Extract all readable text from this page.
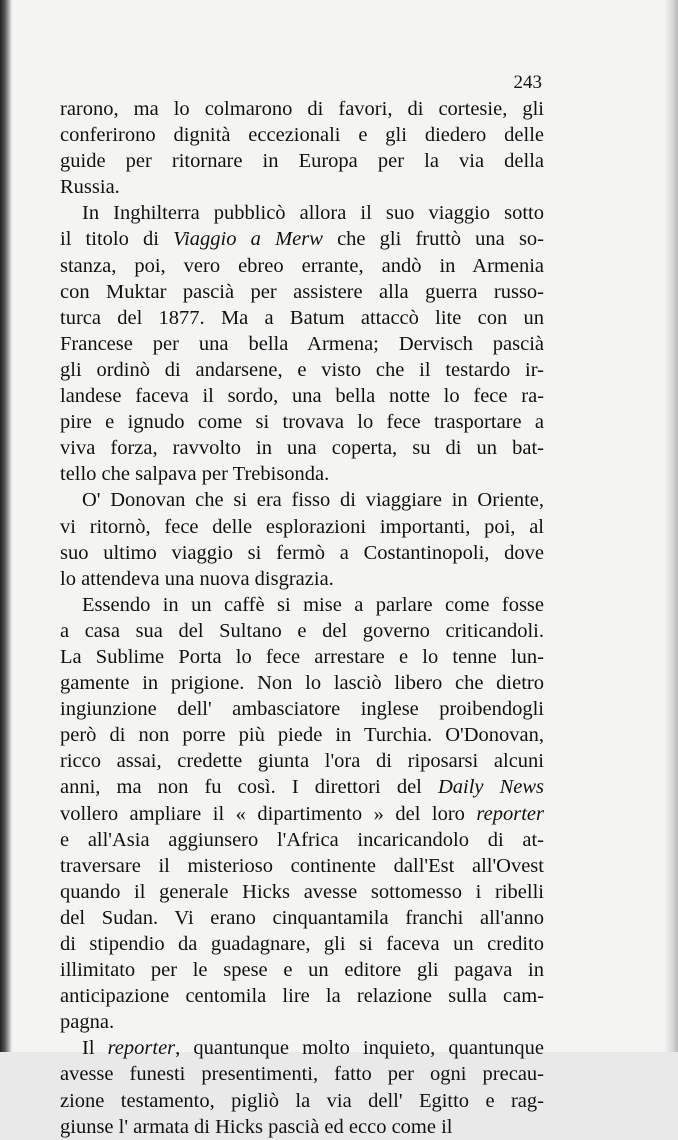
243
rarono, ma lo colmarono di favori, di cortesie, gli
conferirono dignità eccezionali e gli diedero delle
guide per ritornare in Europa per la via della
Russia.
In Inghilterra pubblicò allora il suo viaggio sotto
il titolo di Viaggio a Merw che gli fruttò una so-
stanza, poi, vero ebreo errante, andò in Armenia
con Muktar pascià per assistere alla guerra russo-
turca del 1877. Ma a Batum attaccò lite con un
Francese per una bella Armena; Dervisch pascià
gli ordinò di andarsene, e visto che il testardo ir-
landese faceva il sordo, una bella notte lo fece ra-
pire e ignudo come si trovava lo fece trasportare a
viva forza, ravvolto in una coperta, su di un bat-
tello che salpava per Trebisonda.
O' Donovan che si era fisso di viaggiare in Oriente,
vi ritornò, fece delle esplorazioni importanti, poi, al
suo ultimo viaggio si fermò a Costantinopoli, dove
lo attendeva una nuova disgrazia.
Essendo in un caffè si mise a parlare come fosse
a casa sua del Sultano e del governo criticandoli.
La Sublime Porta lo fece arrestare e lo tenne lun-
gamente in prigione. Non lo lasciò libero che dietro
ingiunzione dell' ambasciatore inglese proibendogli
però di non porre più piede in Turchia. O'Donovan,
ricco assai, credette giunta l'ora di riposarsi alcuni
anni, ma non fu così. I direttori del Daily News
vollero ampliare il « dipartimento » del loro reporter
e all'Asia aggiunsero l'Africa incaricandolo di at-
traversare il misterioso continente dall'Est all'Ovest
quando il generale Hicks avesse sottomesso i ribelli
del Sudan. Vi erano cinquantamila franchi all'anno
di stipendio da guadagnare, gli si faceva un credito
illimitato per le spese e un editore gli pagava in
anticipazione centomila lire la relazione sulla cam-
pagna.
Il reporter, quantunque molto inquieto, quantunque
avesse funesti presentimenti, fatto per ogni precau-
zione testamento, pigliò la via dell' Egitto e rag-
giunse l' armata di Hicks pascià ed ecco come il
